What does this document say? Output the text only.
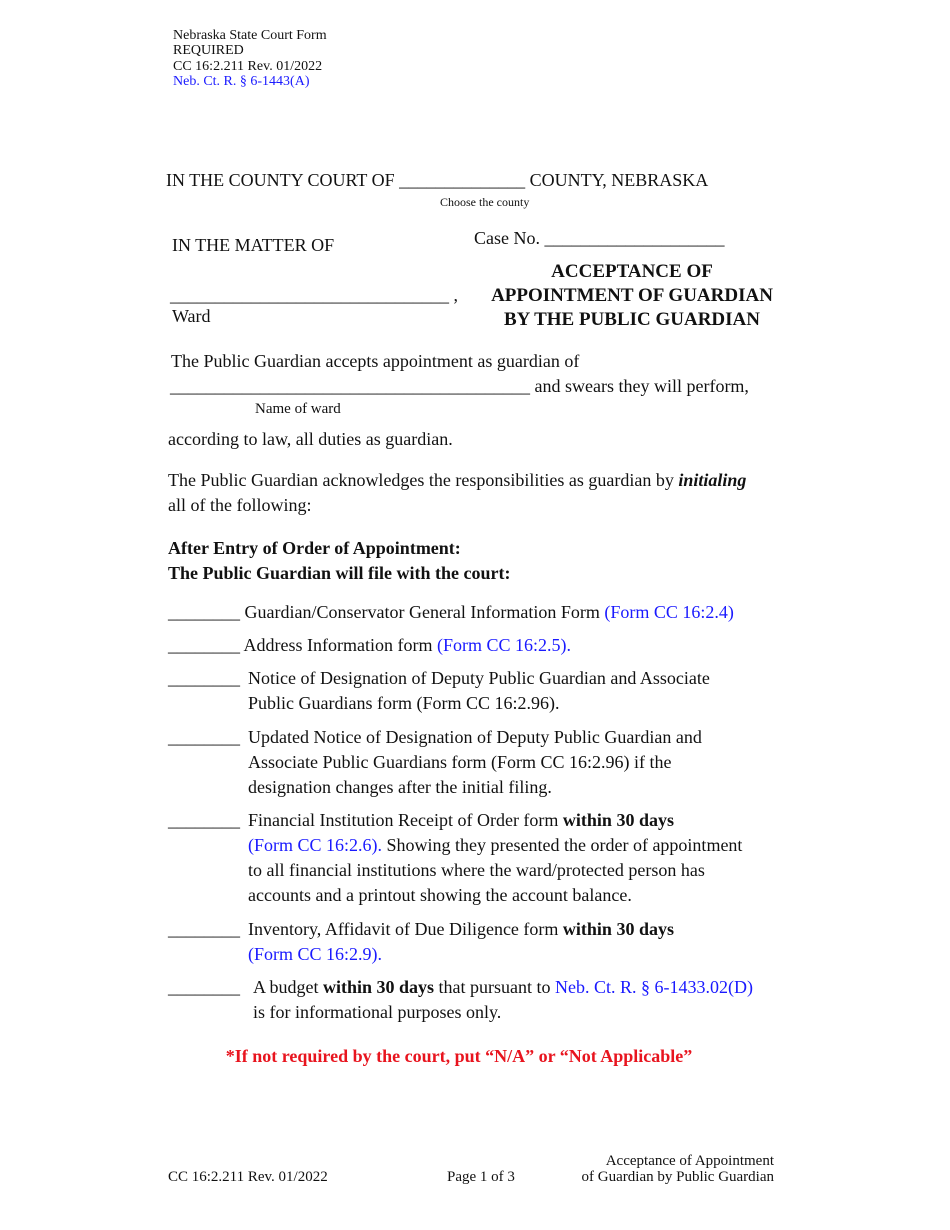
Nebraska State Court Form
REQUIRED
CC 16:2.211 Rev. 01/2022
Neb. Ct. R. § 6-1443(A)
IN THE COUNTY COURT OF ______________ COUNTY, NEBRASKA
Choose the county
IN THE MATTER OF	Case No. ____________________
_______________________________ ,
Ward
ACCEPTANCE OF
APPOINTMENT OF GUARDIAN
BY THE PUBLIC GUARDIAN
The Public Guardian accepts appointment as guardian of
________________________________________ and swears they will perform,
Name of ward
according to law, all duties as guardian.
The Public Guardian acknowledges the responsibilities as guardian by initialing
all of the following:
After Entry of Order of Appointment:
The Public Guardian will file with the court:
________ Guardian/Conservator General Information Form (Form CC 16:2.4)
________ Address Information form (Form CC 16:2.5).
________ Notice of Designation of Deputy Public Guardian and Associate
Public Guardians form (Form CC 16:2.96).
________ Updated Notice of Designation of Deputy Public Guardian and
Associate Public Guardians form (Form CC 16:2.96) if the
designation changes after the initial filing.
________ Financial Institution Receipt of Order form within 30 days
(Form CC 16:2.6). Showing they presented the order of appointment
to all financial institutions where the ward/protected person has
accounts and a printout showing the account balance.
________ Inventory, Affidavit of Due Diligence form within 30 days
(Form CC 16:2.9).
________ A budget within 30 days that pursuant to Neb. Ct. R. § 6-1433.02(D)
is for informational purposes only.
*If not required by the court, put “N/A” or “Not Applicable”
CC 16:2.211 Rev. 01/2022	Page 1 of 3
Acceptance of Appointment
of Guardian by Public Guardian
